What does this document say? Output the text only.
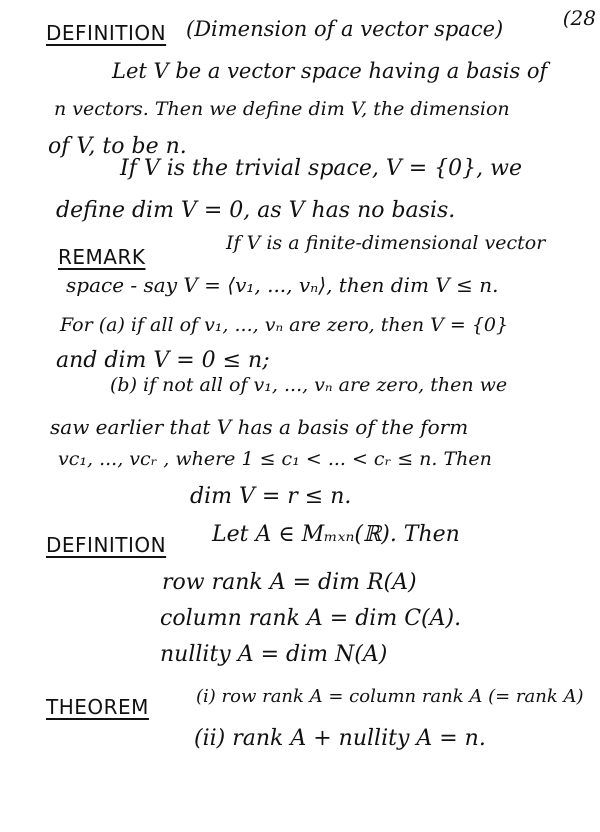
(28
DEFINITION (Dimension of a vector space)
Let V be a vector space having a basis of
n vectors. Then we define dim V, the dimension
of V, to be n.
If V is the trivial space, V = {0}, we
define dim V = 0, as V has no basis.
REMARK
If V is a finite-dimensional vector
space - say V = ⟨v₁, ..., vₙ⟩, then dim V ≤ n.
For (a) if all of v₁, ..., vₙ are zero, then V = {0}
and dim V = 0 ≤ n;
(b) if not all of v₁, ..., vₙ are zero, then we
saw earlier that V has a basis of the form
vc₁, ..., vcᵣ , where 1 ≤ c₁ < ... < cᵣ ≤ n. Then
dim V = r ≤ n.
DEFINITION Let A ∈ Mₘₓₙ(ℝ). Then
row rank A = dim R(A)
column rank A = dim C(A).
nullity A = dim N(A)
THEOREM	(i) row rank A = column rank A (= rank A)
(ii) rank A + nullity A = n.
